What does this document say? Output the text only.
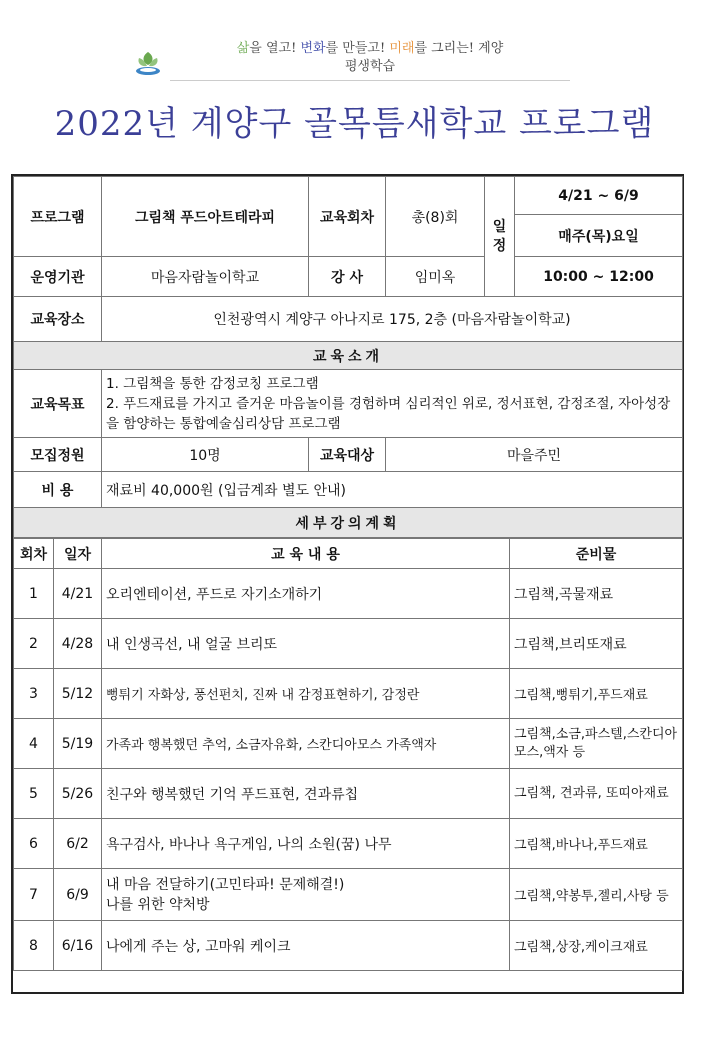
삶을 열고! 변화를 만들고! 미래를 그리는! 계양
평생학습
2022년 계양구 골목틈새학교 프로그램
프로그램	그림책 푸드아트테라피	교육회차	총(8)회	일정	4/21 ~ 6/9
					매주(목)요일
운영기관	마음자람놀이학교	강 사	임미옥		10:00 ~ 12:00
교육장소	인천광역시 계양구 아나지로 175, 2층 (마음자람놀이학교)				
교육소개					
교육목표	1. 그림책을 통한 감정코칭 프로그램
2. 푸드재료를 가지고 즐거운 마음놀이를 경험하며 심리적인 위로, 정서표현, 감정조절, 자아성장을 함양하는 통합예술심리상담 프로그램				

모집정원	10명	교육대상	마을주민		
비 용	재료비 40,000원 (입금계좌 별도 안내)				
세부강의계획					
회차	일자	교 육 내 용	준비물
1	4/21	오리엔테이션, 푸드로 자기소개하기	그림책,곡물재료
2	4/28	내 인생곡선, 내 얼굴 브리또	그림책,브리또재료
3	5/12	뻥튀기 자화상, 풍선펀치, 진짜 내 감정표현하기, 감정란	그림책,뻥튀기,푸드재료
4	5/19	가족과 행복했던 추억, 소금자유화, 스칸디아모스 가족액자	그림책,소금,파스텔,스칸디아모스,액자 등
5	5/26	친구와 행복했던 기억 푸드표현, 견과류칩	그림책, 견과류, 또띠아재료
6	6/2	욕구검사, 바나나 욕구게임, 나의 소원(꿈) 나무	그림책,바나나,푸드재료
7	6/9	내 마음 전달하기(고민타파! 문제해결!)
나를 위한 약처방	그림책,약봉투,젤리,사탕 등
8	6/16	나에게 주는 상, 고마워 케이크	그림책,상장,케이크재료
